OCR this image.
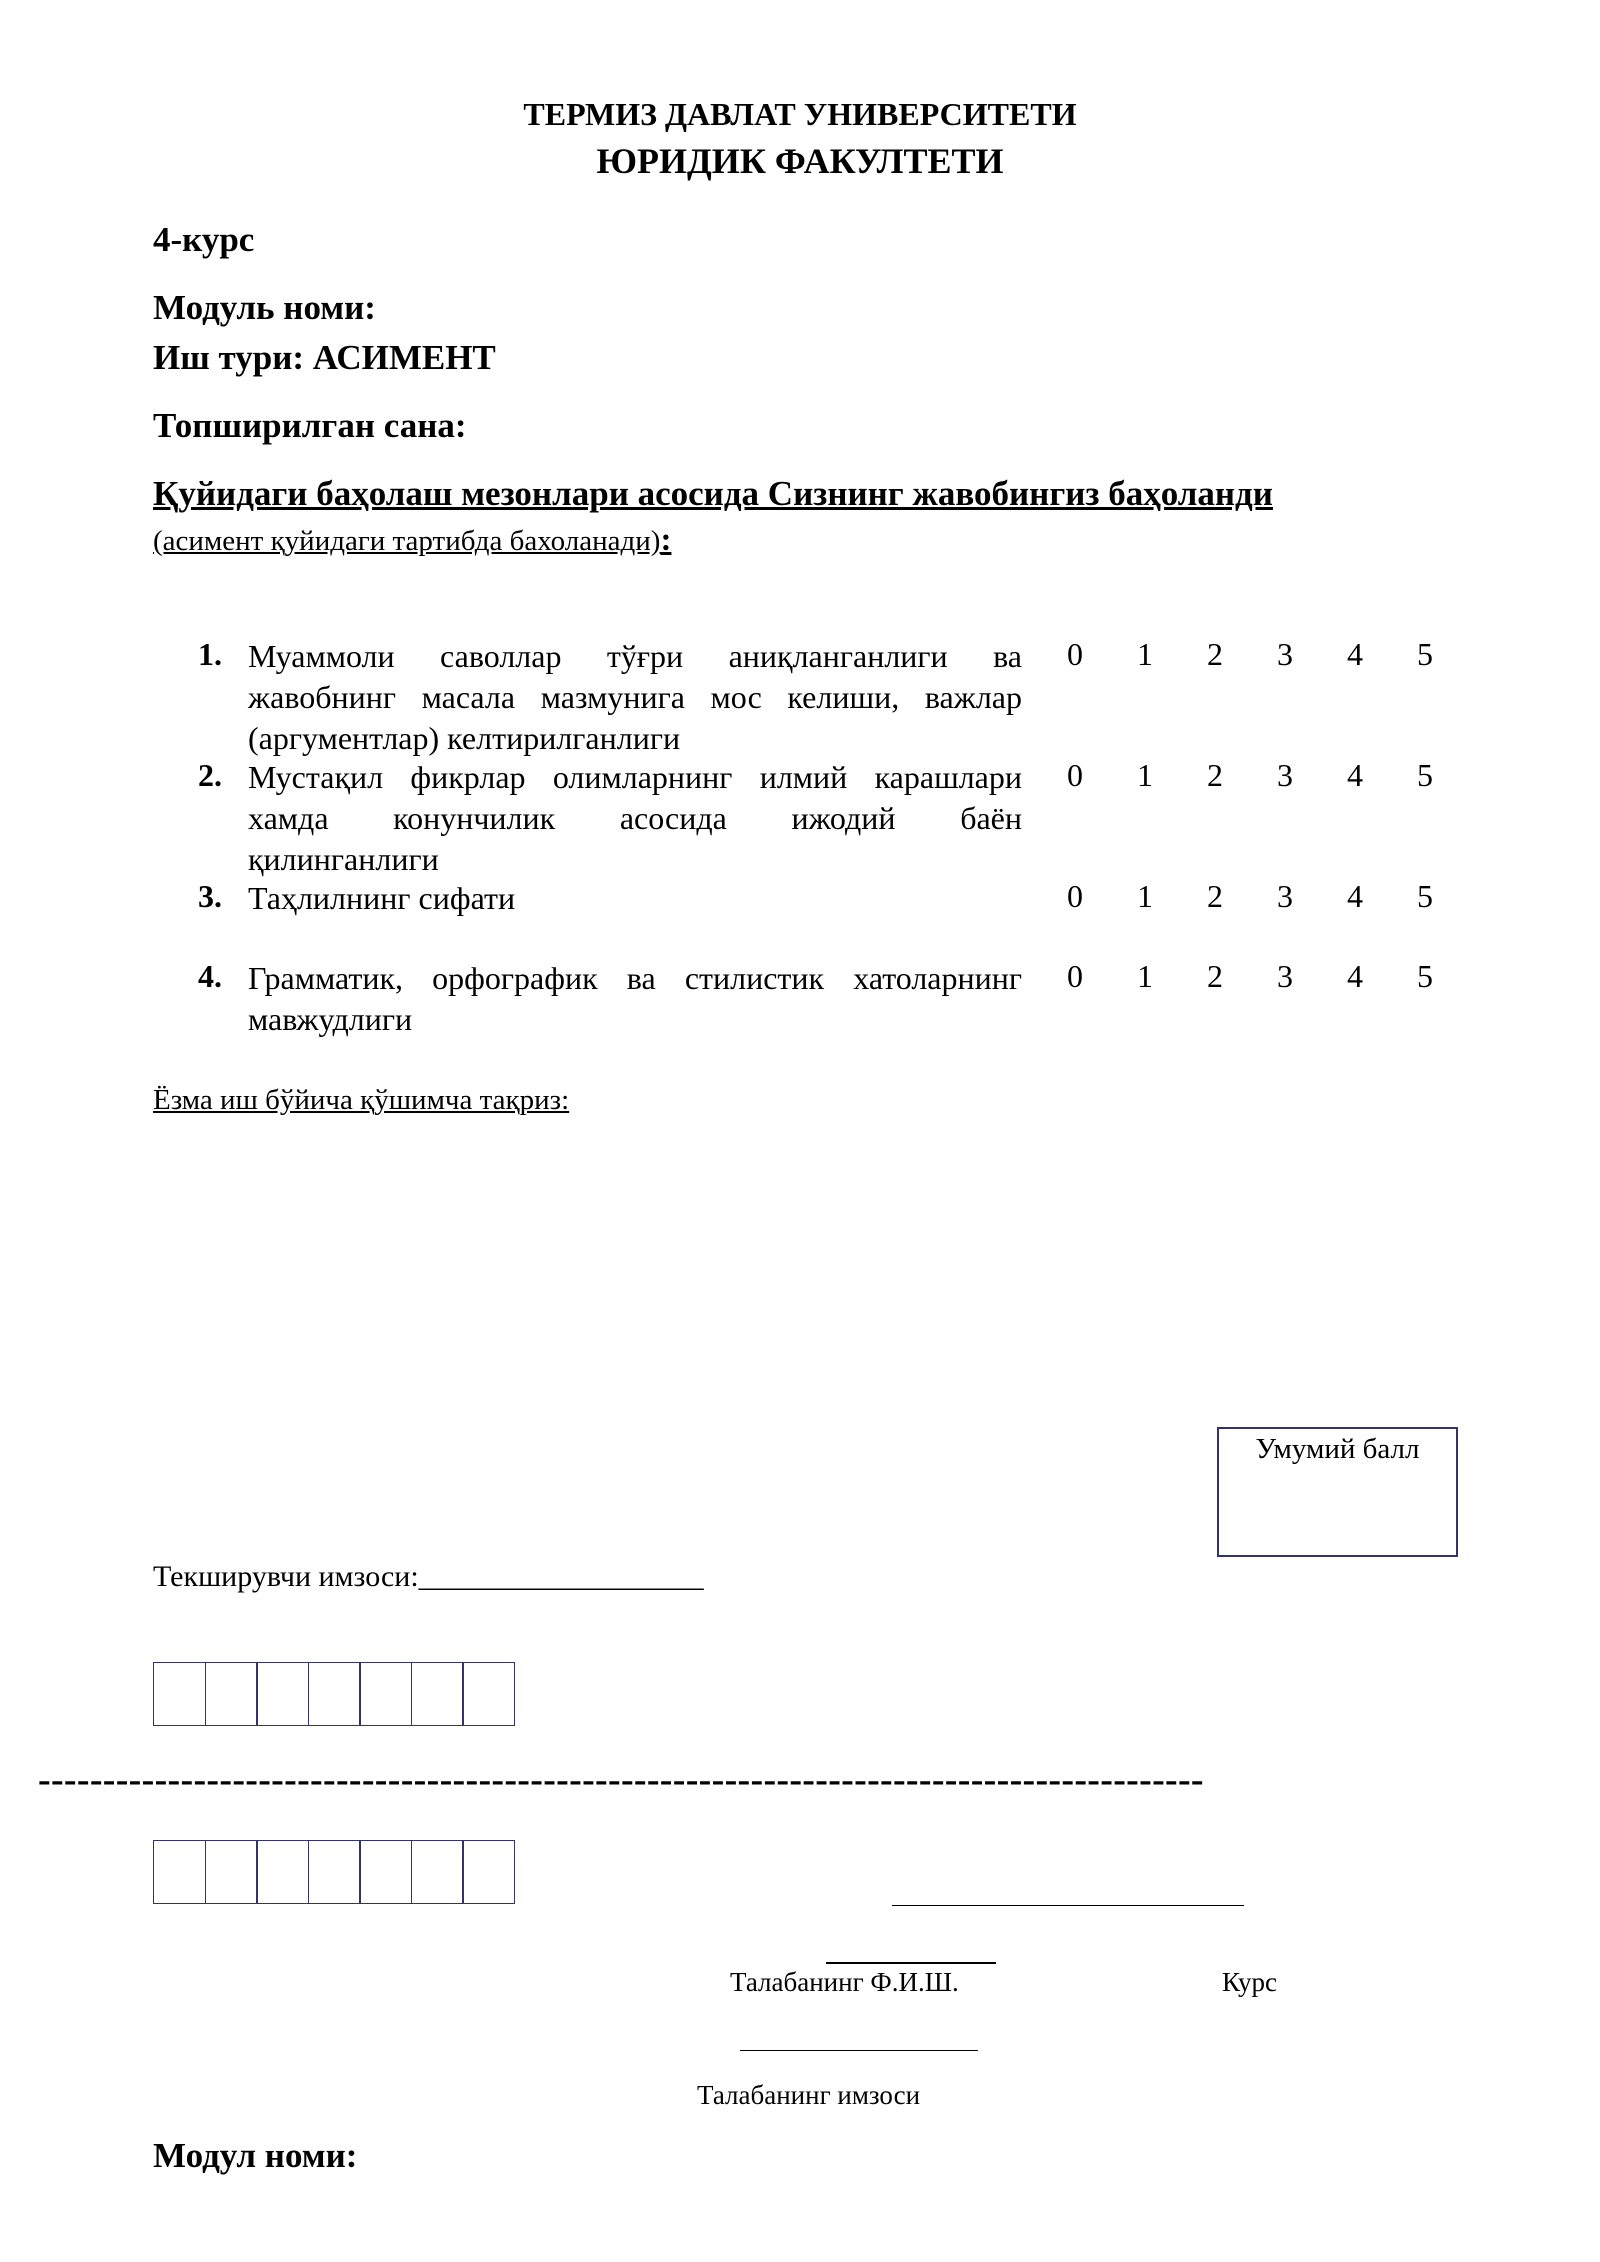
ТЕРМИЗ ДАВЛАТ УНИВЕРСИТЕТИ
ЮРИДИК ФАКУЛТЕТИ
4-курс
Модуль номи:
Иш тури: АСИМЕНТ
Топширилган сана:
Қуйидаги баҳолаш мезонлари асосида Сизнинг жавобингиз баҳоланди
(асимент қуйидаги тартибда бахоланади):
1. Муаммоли саволлар тўғри аниқланганлиги ва
жавобнинг масала мазмунига мос келиши, важлар
(аргументлар) келтирилганлиги
0	1	2	3	4	5
2. Мустақил фикрлар олимларнинг илмий карашлари
хамда конунчилик асосида ижодий баён
қилинганлиги
0	1	2	3	4	5
3. Таҳлилнинг сифати	0	1	2	3	4	5
4. Грамматик, орфографик ва стилистик хатоларнинг
мавжудлиги
0	1	2	3	4	5
Ёзма иш бўйича қўшимча тақриз:
Умумий балл
Текширувчи имзоси:___________________
------------------------------------------------------------------------------------------
Талабанинг Ф.И.Ш.	Курс
Талабанинг имзоси
Модул номи:
